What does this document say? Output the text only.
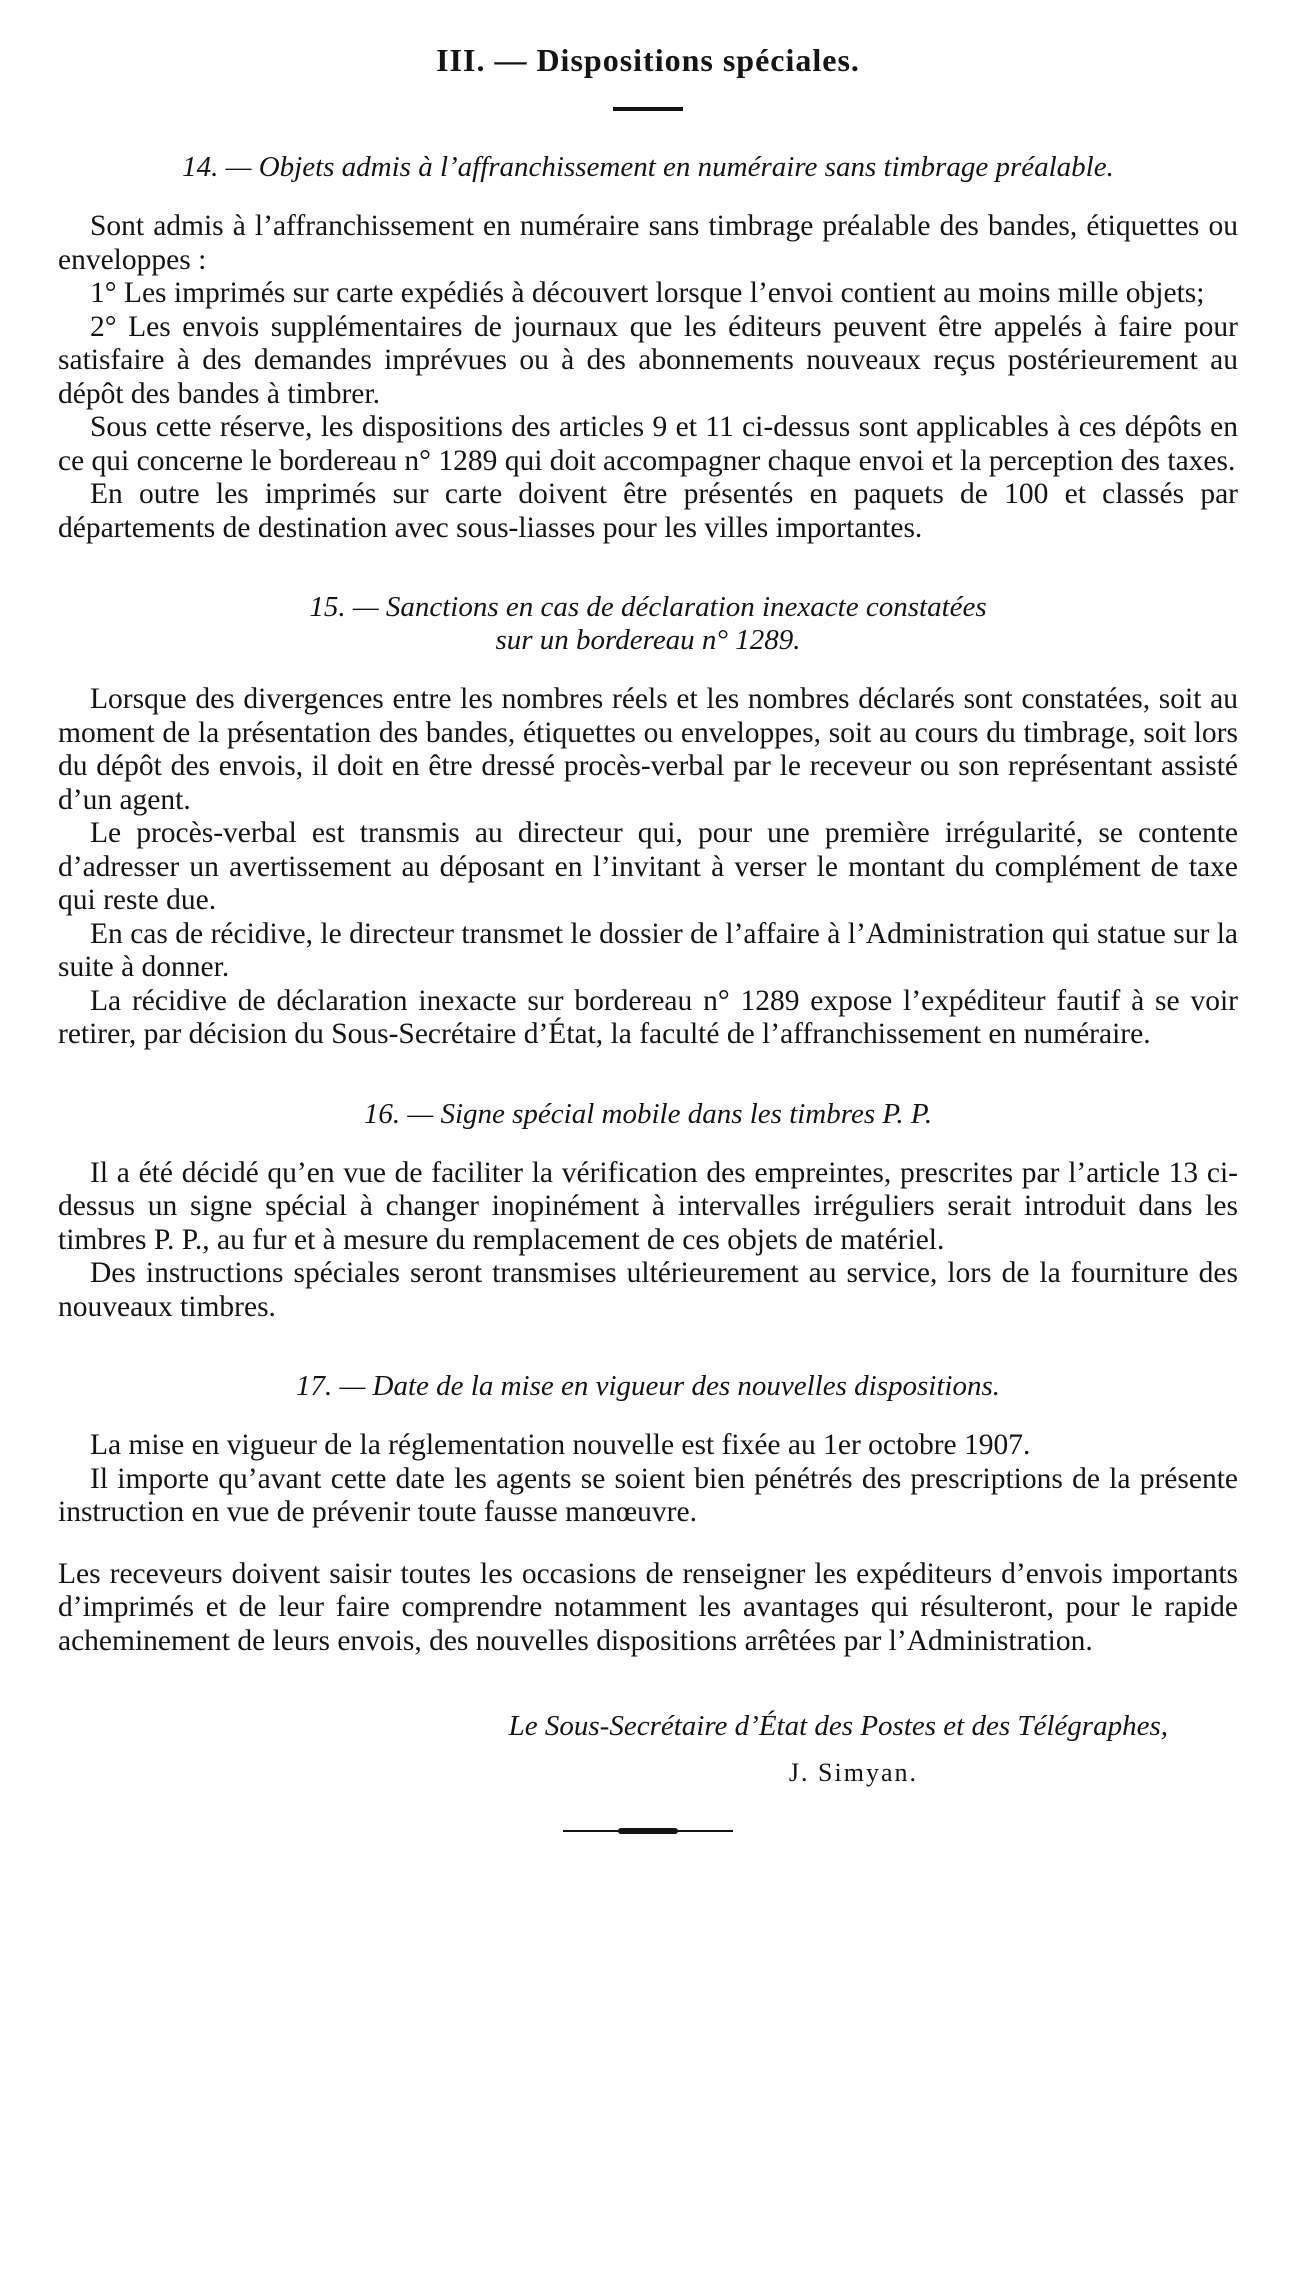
III. — Dispositions spéciales.
14. — Objets admis à l’affranchissement en numéraire sans timbrage préalable.

Sont admis à l’affranchissement en numéraire sans timbrage préalable des bandes, étiquettes ou enveloppes :

1° Les imprimés sur carte expédiés à découvert lorsque l’envoi contient au moins mille objets;

2° Les envois supplémentaires de journaux que les éditeurs peuvent être appelés à faire pour satisfaire à des demandes imprévues ou à des abonnements nouveaux reçus postérieurement au dépôt des bandes à timbrer.

Sous cette réserve, les dispositions des articles 9 et 11 ci-dessus sont applicables à ces dépôts en ce qui concerne le bordereau n° 1289 qui doit accompagner chaque envoi et la perception des taxes.

En outre les imprimés sur carte doivent être présentés en paquets de 100 et classés par départements de destination avec sous-liasses pour les villes importantes.

15. — Sanctions en cas de déclaration inexacte constatées
sur un bordereau n° 1289.

Lorsque des divergences entre les nombres réels et les nombres déclarés sont constatées, soit au moment de la présentation des bandes, étiquettes ou enveloppes, soit au cours du timbrage, soit lors du dépôt des envois, il doit en être dressé procès-verbal par le receveur ou son représentant assisté d’un agent.

Le procès-verbal est transmis au directeur qui, pour une première irrégularité, se contente d’adresser un avertissement au déposant en l’invitant à verser le montant du complément de taxe qui reste due.

En cas de récidive, le directeur transmet le dossier de l’affaire à l’Administration qui statue sur la suite à donner.

La récidive de déclaration inexacte sur bordereau n° 1289 expose l’expéditeur fautif à se voir retirer, par décision du Sous-Secrétaire d’État, la faculté de l’affranchissement en numéraire.

16. — Signe spécial mobile dans les timbres P. P.

Il a été décidé qu’en vue de faciliter la vérification des empreintes, prescrites par l’article 13 ci-dessus un signe spécial à changer inopinément à intervalles irréguliers serait introduit dans les timbres P. P., au fur et à mesure du remplacement de ces objets de matériel.

Des instructions spéciales seront transmises ultérieurement au service, lors de la fourniture des nouveaux timbres.

17. — Date de la mise en vigueur des nouvelles dispositions.

La mise en vigueur de la réglementation nouvelle est fixée au 1er octobre 1907.

Il importe qu’avant cette date les agents se soient bien pénétrés des prescriptions de la présente instruction en vue de prévenir toute fausse manœuvre.

Les receveurs doivent saisir toutes les occasions de renseigner les expéditeurs d’envois importants d’imprimés et de leur faire comprendre notamment les avantages qui résulteront, pour le rapide acheminement de leurs envois, des nouvelles dispositions arrêtées par l’Administration.

Le Sous-Secrétaire d’État des Postes et des Télégraphes,
J. Simyan.
